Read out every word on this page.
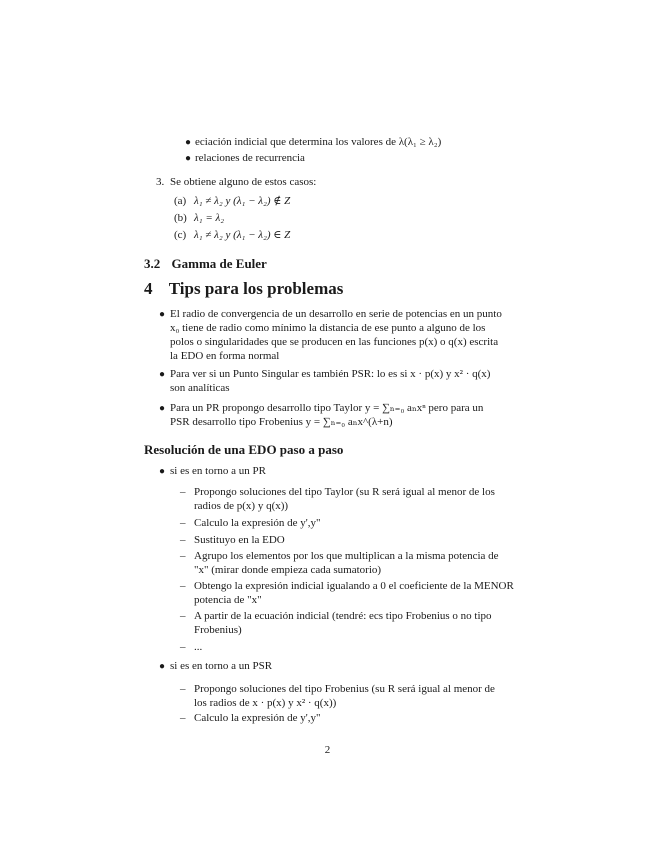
● eciación indicial que determina los valores de λ(λ₁ ≥ λ₂)
● relaciones de recurrencia
3. Se obtiene alguno de estos casos:
(a) λ₁ ≠ λ₂ y (λ₁ − λ₂) ∉ Z
(b) λ₁ = λ₂
(c) λ₁ ≠ λ₂ y (λ₁ − λ₂) ∈ Z
3.2 Gamma de Euler
4 Tips para los problemas
● El radio de convergencia de un desarrollo en serie de potencias en un punto
x₀ tiene de radio como mínimo la distancia de ese punto a alguno de los
polos o singularidades que se producen en las funciones p(x) o q(x) escrita
la EDO en forma normal
● Para ver si un Punto Singular es también PSR: lo es si x · p(x) y x² · q(x)
son analíticas
● Para un PR propongo desarrollo tipo Taylor y = ∑ₙ₌₀ aₙxⁿ pero para un
PSR desarrollo tipo Frobenius y = ∑ₙ₌₀ aₙx^(λ+n)
Resolución de una EDO paso a paso
● si es en torno a un PR
– Propongo soluciones del tipo Taylor (su R será igual al menor de los
radios de p(x) y q(x))
– Calculo la expresión de y',y"
– Sustituyo en la EDO
– Agrupo los elementos por los que multiplican a la misma potencia de
"x" (mirar donde empieza cada sumatorio)
– Obtengo la expresión indicial igualando a 0 el coeficiente de la MENOR
potencia de "x"
– A partir de la ecuación indicial (tendré: ecs tipo Frobenius o no tipo
Frobenius)
– ...
● si es en torno a un PSR
– Propongo soluciones del tipo Frobenius (su R será igual al menor de
los radios de x · p(x) y x² · q(x))
– Calculo la expresión de y',y"
2
